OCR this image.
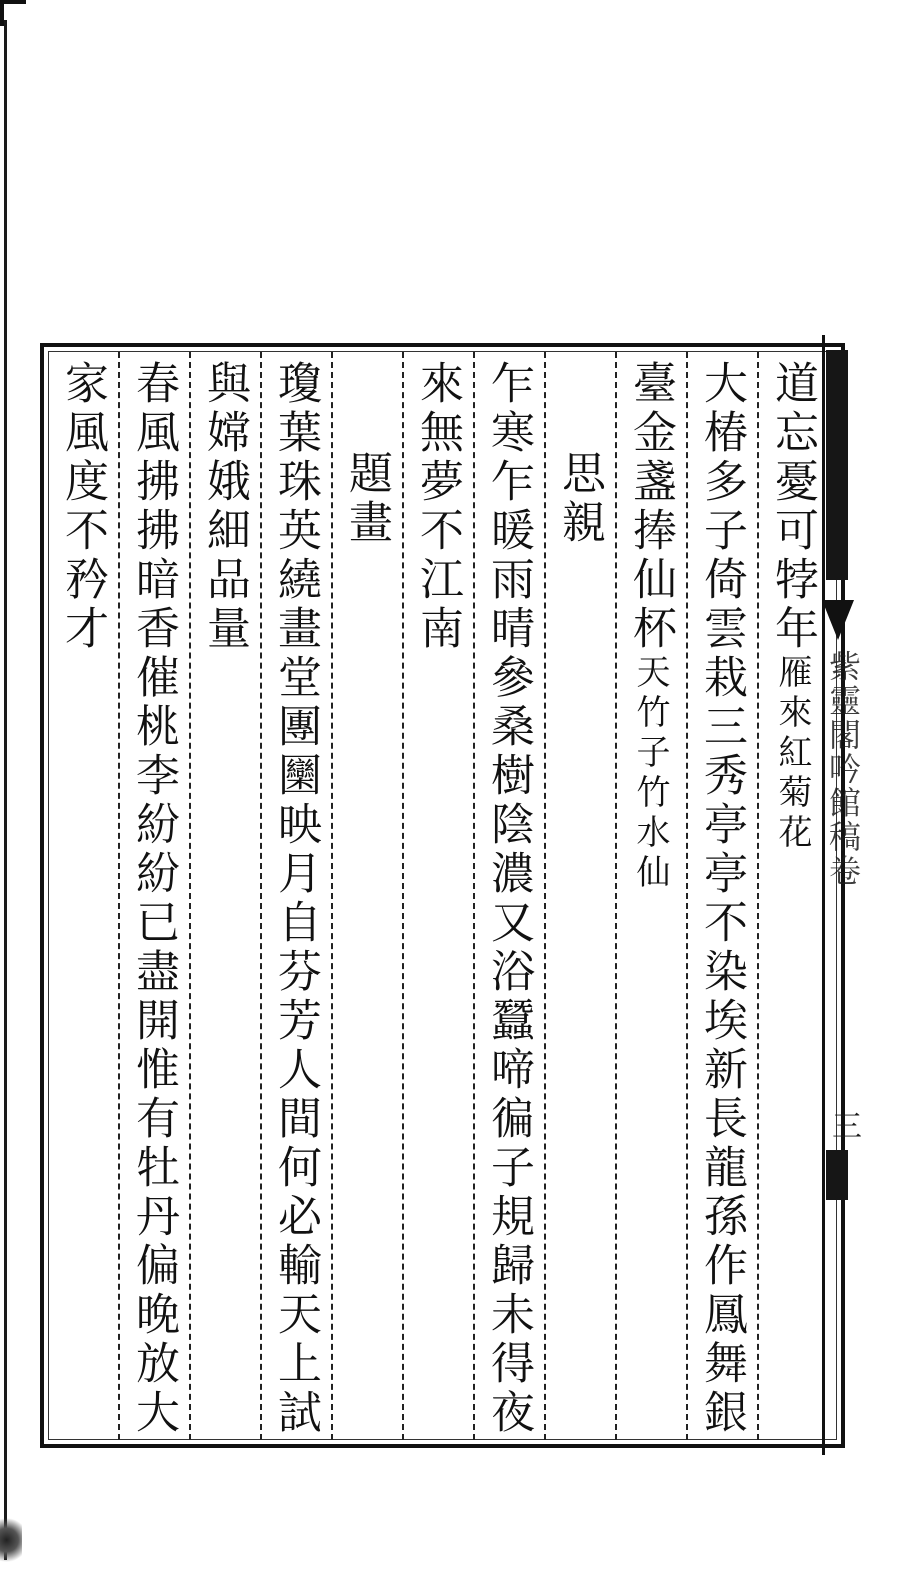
紫靈閣吟館稿卷
三
道忘憂可㹀年雁來紅菊花
大椿多子倚雲栽三秀亭亭不染埃新長龍孫作鳳舞銀
臺金盞捧仙杯天竹子竹水仙
思親
乍寒乍暖雨晴參桑樹陰濃又浴蠶啼徧子規歸未得夜
來無夢不江南
題畫
瓊葉珠英繞畫堂團圞映月自芬芳人間何必輸天上試
與嫦娥細品量
春風拂拂暗香催桃李紛紛已盡開惟有牡丹偏晚放大
家風度不矜才
